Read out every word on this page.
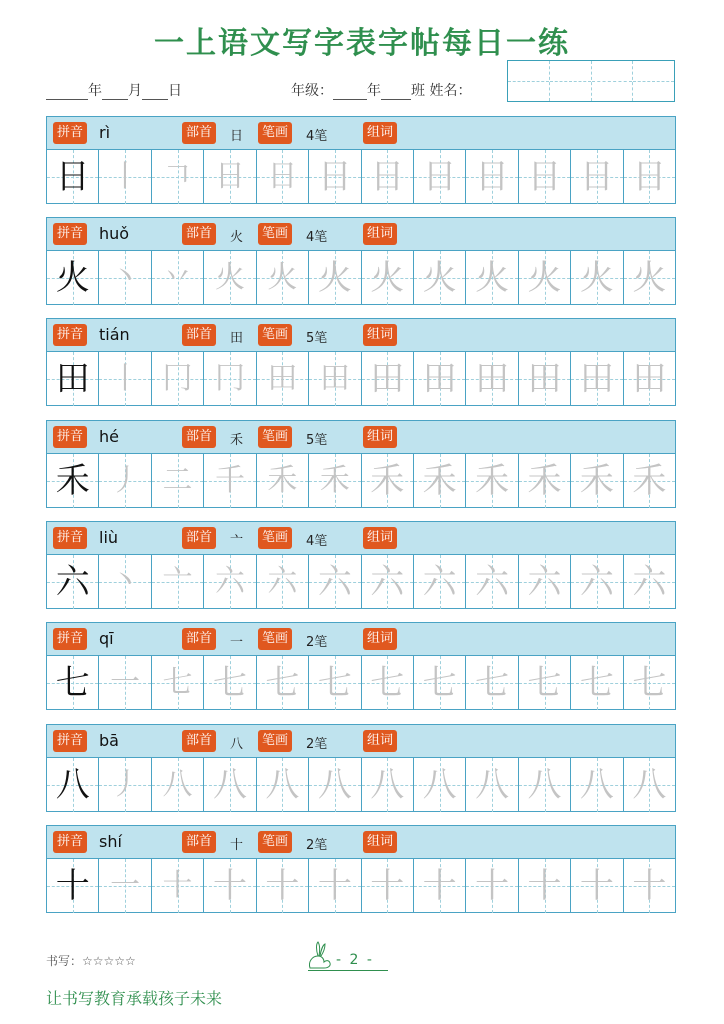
一上语文写字表字帖每日一练
年 月 日	年级： 年 班 姓名：
拼音 rì	部首	日	笔画	4笔	组词
日 丨 𠃍 日 日 日 日 日 日 日 日 日
拼音 huǒ	部首	火	笔画	4笔	组词
火 丶 丷 火 火 火 火 火 火 火 火 火
拼音 tián	部首	田	笔画	5笔	组词
田 丨 冂 冂 田 田 田 田 田 田 田 田
拼音 hé	部首	禾	笔画	5笔	组词
禾 丿 二 千 禾 禾 禾 禾 禾 禾 禾 禾
拼音 liù	部首	亠	笔画	4笔	组词
六 丶 亠 六 六 六 六 六 六 六 六 六
拼音 qī	部首	一	笔画	2笔	组词
七 一 七 七 七 七 七 七 七 七 七 七
拼音 bā	部首	八	笔画	2笔	组词
八 丿 八 八 八 八 八 八 八 八 八 八
拼音 shí	部首	十	笔画	2笔	组词
十 一 十 十 十 十 十 十 十 十 十 十
书写：☆☆☆☆☆	- 2 -
让书写教育承载孩子未来
